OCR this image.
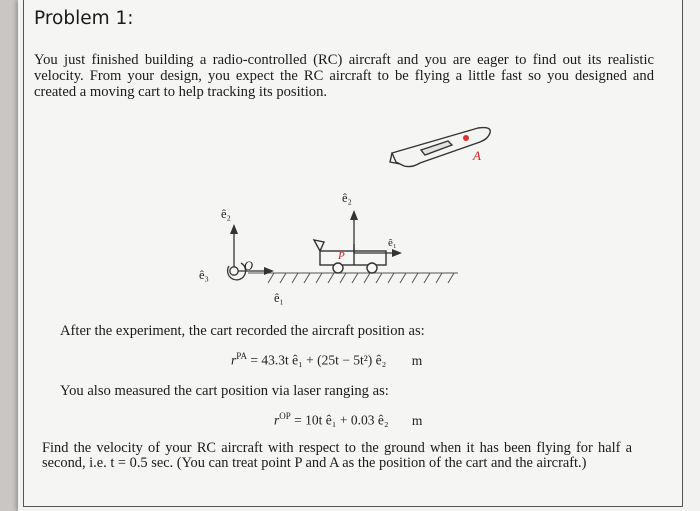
Problem 1:
You just finished building a radio-controlled (RC) aircraft and you are eager to find out its realistic velocity. From your design, you expect the RC aircraft to be flying a little fast so you designed and created a moving cart to help tracking its position.
A
ê₂
ê₃
O
ê₁
P
ê₂
ê₁
After the experiment, the cart recorded the aircraft position as:
$r^{PA} = 43.3t$ ê₁ + (25t − 5t²) ê₂ m
You also measured the cart position via laser ranging as:
$r^{OP} = 10t$ ê₁ + 0.03 ê₂ m
Find the velocity of your RC aircraft with respect to the ground when it has been flying for half a second, i.e. t = 0.5 sec. (You can treat point P and A as the position of the cart and the aircraft.)
